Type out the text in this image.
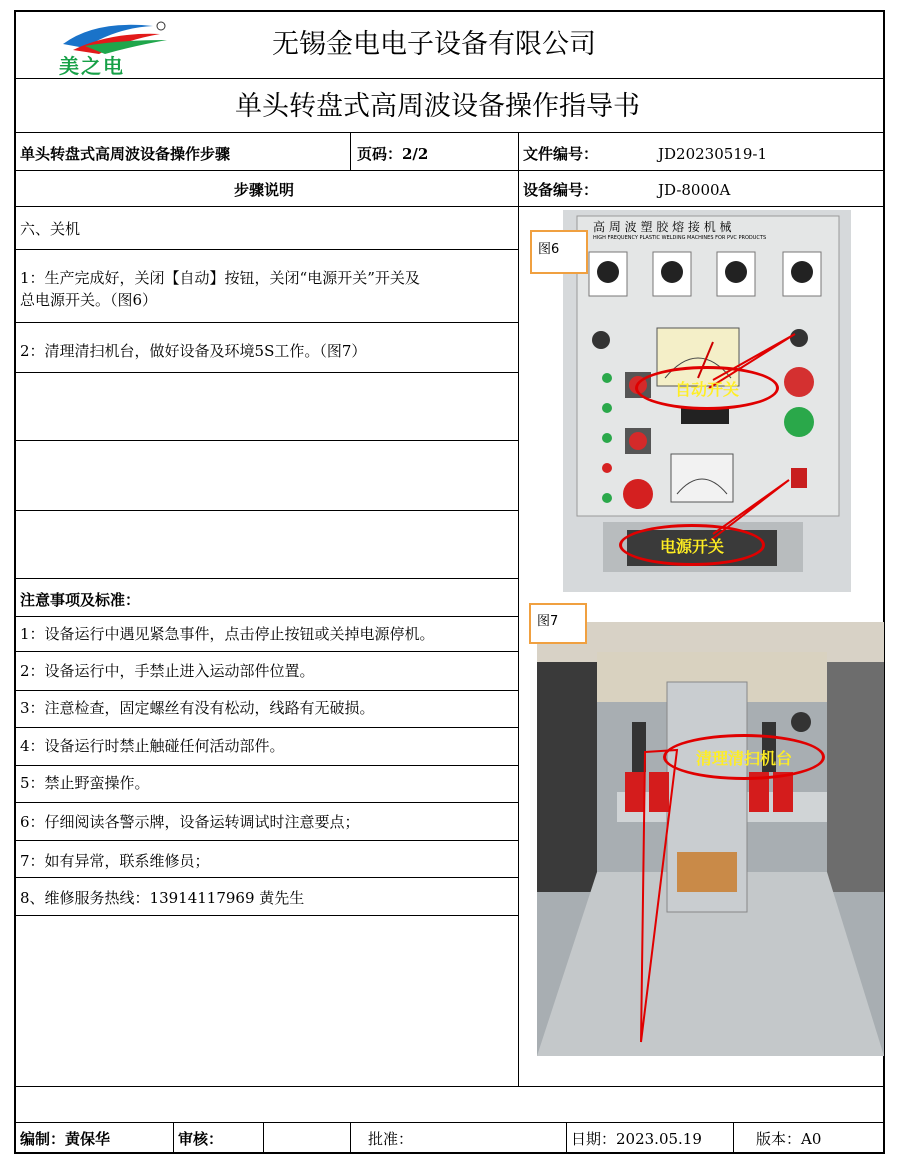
美之电
无锡金电电子设备有限公司
单头转盘式高周波设备操作指导书
单头转盘式高周波设备操作步骤	页码：2/2	文件编号：	JD20230519-1
步骤说明	设备编号：	JD-8000A
六、关机
1：生产完成好，关闭【自动】按钮，关闭“电源开关”开关及
总电源开关。（图6）
2：清理清扫机台，做好设备及环境5S工作。（图7）
注意事项及标准：
1：设备运行中遇见紧急事件，点击停止按钮或关掉电源停机。
2：设备运行中，手禁止进入运动部件位置。
3：注意检查，固定螺丝有没有松动，线路有无破损。
4：设备运行时禁止触碰任何活动部件。
5：禁止野蛮操作。
6：仔细阅读各警示牌，设备运转调试时注意要点；
7：如有异常，联系维修员；
8、维修服务热线：13914117969 黄先生
高 周 波 塑 胶 熔 接 机 械
HIGH FREQUENCY PLASTIC WELDING MACHINES FOR PVC PRODUCTS
自动开关
电源开关
图6
清理清扫机台
图7
编制：黄保华	审核：	批准：	日期：2023.05.19	版本：A0
